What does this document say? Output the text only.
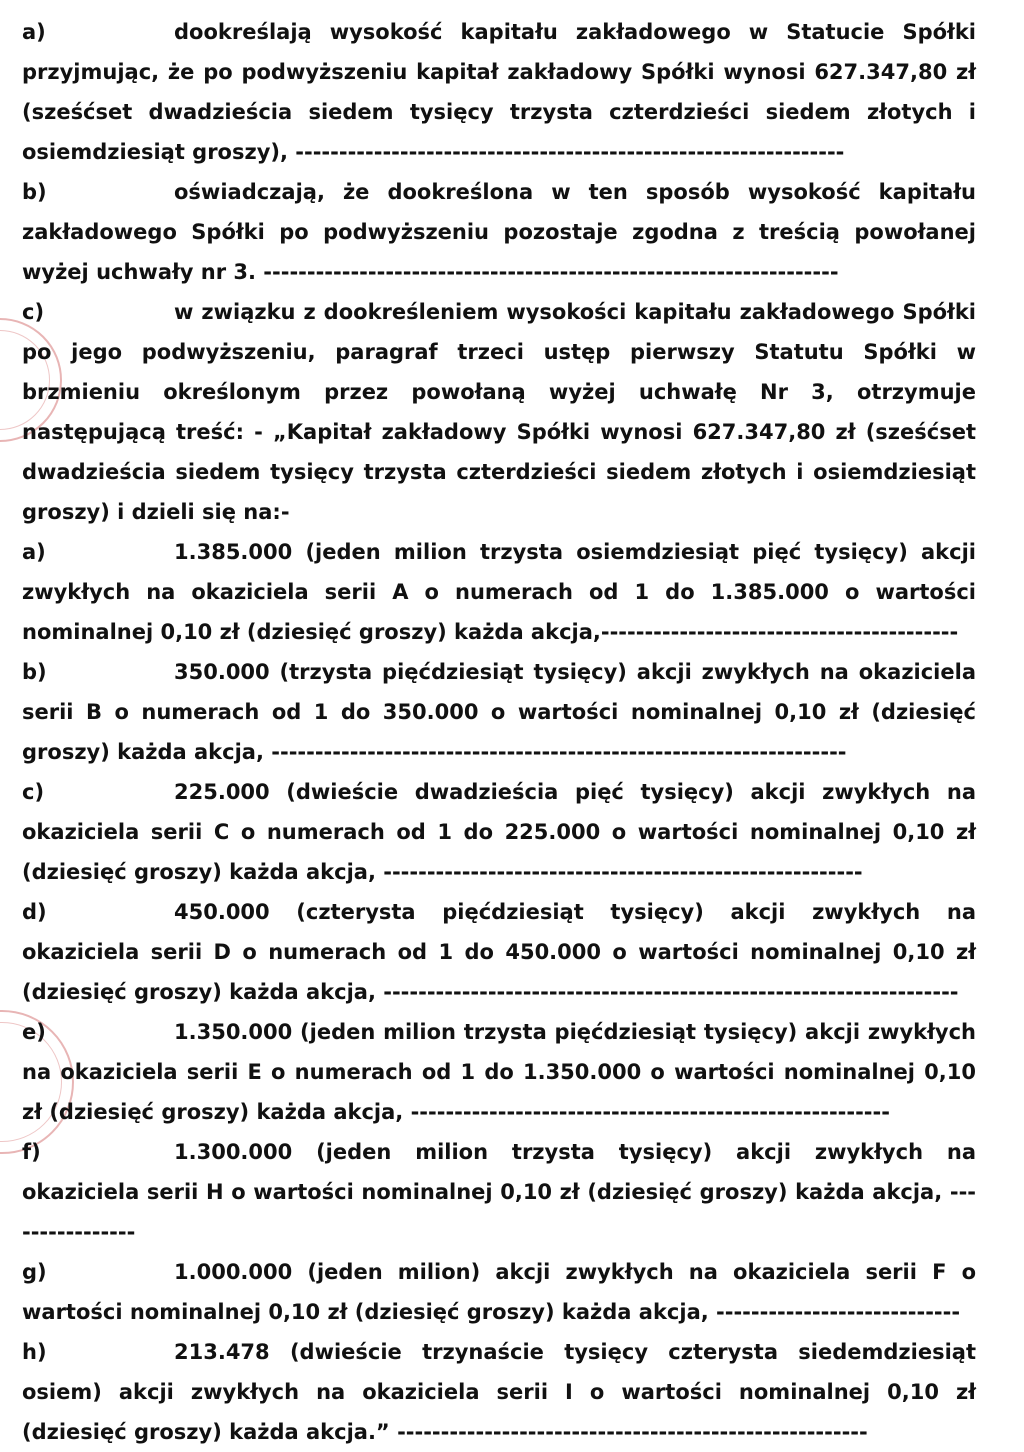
a)	dookreślają wysokość kapitału zakładowego w Statucie Spółki przyjmując, że po podwyższeniu kapitał zakładowy Spółki wynosi 627.347,80 zł (sześćset dwadzieścia siedem tysięcy trzysta czterdzieści siedem złotych i osiemdziesiąt groszy), ---------------------------------------------------------------
b)	oświadczają, że dookreślona w ten sposób wysokość kapitału zakładowego Spółki po podwyższeniu pozostaje zgodna z treścią powołanej wyżej uchwały nr 3. ------------------------------------------------------------------
c)	w związku z dookreśleniem wysokości kapitału zakładowego Spółki po jego podwyższeniu, paragraf trzeci ustęp pierwszy Statutu Spółki w brzmieniu określonym przez powołaną wyżej uchwałę Nr 3, otrzymuje następującą treść: - „Kapitał zakładowy Spółki wynosi 627.347,80 zł (sześćset dwadzieścia siedem tysięcy trzysta czterdzieści siedem złotych i osiemdziesiąt groszy) i dzieli się na:-
a)	1.385.000 (jeden milion trzysta osiemdziesiąt pięć tysięcy) akcji zwykłych na okaziciela serii A o numerach od 1 do 1.385.000 o wartości nominalnej 0,10 zł (dziesięć groszy) każda akcja,-----------------------------------------
b)	350.000 (trzysta pięćdziesiąt tysięcy) akcji zwykłych na okaziciela serii B o numerach od 1 do 350.000 o wartości nominalnej 0,10 zł (dziesięć groszy) każda akcja, ------------------------------------------------------------------
c)	225.000 (dwieście dwadzieścia pięć tysięcy) akcji zwykłych na okaziciela serii C o numerach od 1 do 225.000 o wartości nominalnej 0,10 zł (dziesięć groszy) każda akcja, -------------------------------------------------------
d)	450.000 (czterysta pięćdziesiąt tysięcy) akcji zwykłych na okaziciela serii D o numerach od 1 do 450.000 o wartości nominalnej 0,10 zł (dziesięć groszy) każda akcja, ------------------------------------------------------------------
e)	1.350.000 (jeden milion trzysta pięćdziesiąt tysięcy) akcji zwykłych na okaziciela serii E o numerach od 1 do 1.350.000 o wartości nominalnej 0,10 zł (dziesięć groszy) każda akcja, -------------------------------------------------------
f)	1.300.000 (jeden milion trzysta tysięcy) akcji zwykłych na okaziciela serii H o wartości nominalnej 0,10 zł (dziesięć groszy) każda akcja, ----------------
g)	1.000.000 (jeden milion) akcji zwykłych na okaziciela serii F o wartości nominalnej 0,10 zł (dziesięć groszy) każda akcja, ----------------------------
h)	213.478 (dwieście trzynaście tysięcy czterysta siedemdziesiąt osiem) akcji zwykłych na okaziciela serii I o wartości nominalnej 0,10 zł (dziesięć groszy) każda akcja.” ------------------------------------------------------
